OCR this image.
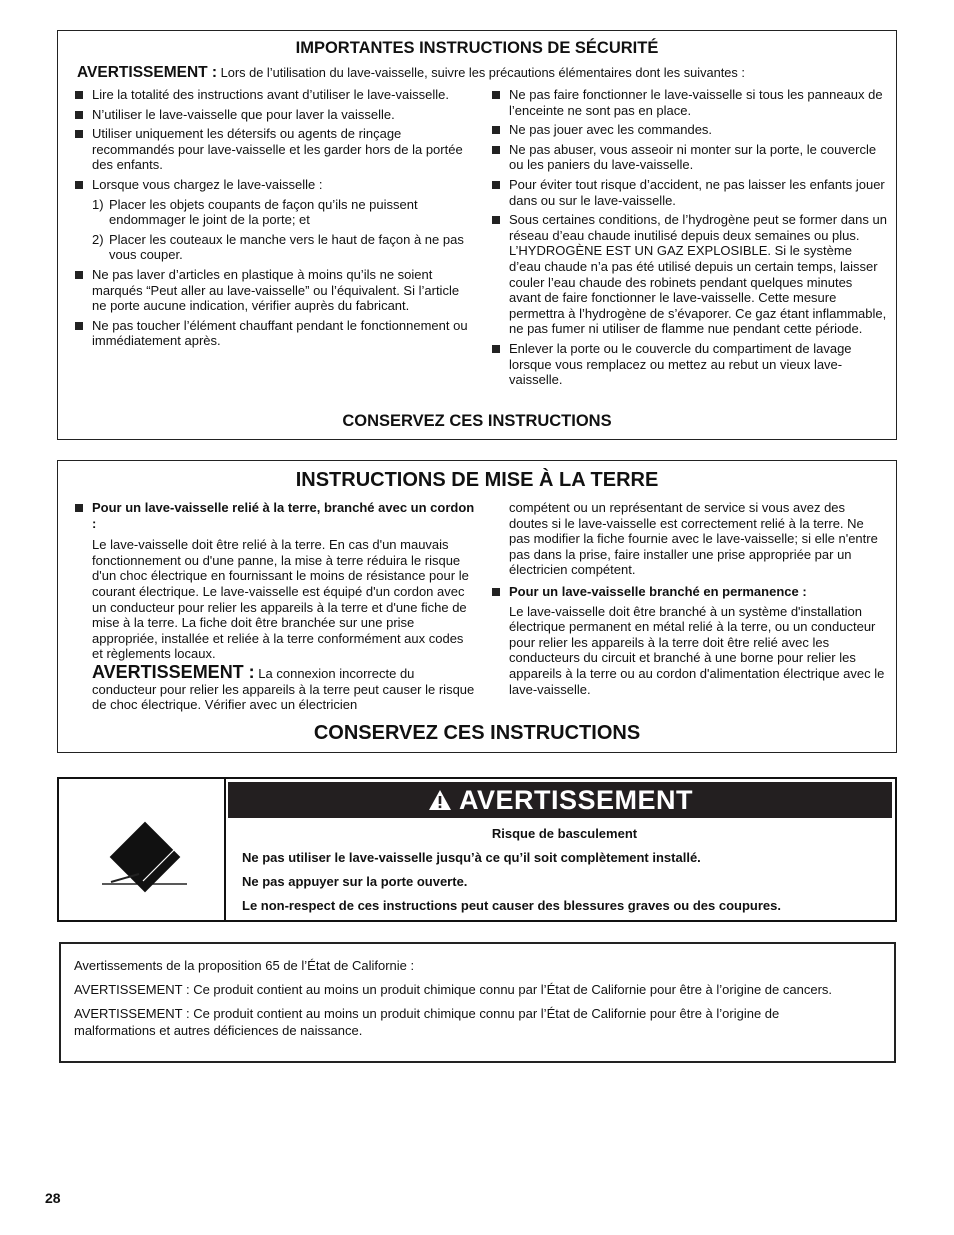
IMPORTANTES INSTRUCTIONS DE SÉCURITÉ
AVERTISSEMENT : Lors de l’utilisation du lave-vaisselle, suivre les précautions élémentaires dont les suivantes :
Lire la totalité des instructions avant d’utiliser le lave-vaisselle.
N’utiliser le lave-vaisselle que pour laver la vaisselle.
Utiliser uniquement les détersifs ou agents de rinçage recommandés pour lave-vaisselle et les garder hors de la portée des enfants.
Lorsque vous chargez le lave-vaisselle :
1) Placer les objets coupants de façon qu’ils ne puissent endommager le joint de la porte; et
2) Placer les couteaux le manche vers le haut de façon à ne pas vous couper.
Ne pas laver d’articles en plastique à moins qu’ils ne soient marqués “Peut aller au lave-vaisselle” ou l’équivalent. Si l’article ne porte aucune indication, vérifier auprès du fabricant.
Ne pas toucher l’élément chauffant pendant le fonctionnement ou immédiatement après.
Ne pas faire fonctionner le lave-vaisselle si tous les panneaux de l’enceinte ne sont pas en place.
Ne pas jouer avec les commandes.
Ne pas abuser, vous asseoir ni monter sur la porte, le couvercle ou les paniers du lave-vaisselle.
Pour éviter tout risque d’accident, ne pas laisser les enfants jouer dans ou sur le lave-vaisselle.
Sous certaines conditions, de l’hydrogène peut se former dans un réseau d’eau chaude inutilisé depuis deux semaines ou plus. L’HYDROGÈNE EST UN GAZ EXPLOSIBLE. Si le système d’eau chaude n’a pas été utilisé depuis un certain temps, laisser couler l’eau chaude des robinets pendant quelques minutes avant de faire fonctionner le lave-vaisselle. Cette mesure permettra à l’hydrogène de s’évaporer. Ce gaz étant inflammable, ne pas fumer ni utiliser de flamme nue pendant cette période.
Enlever la porte ou le couvercle du compartiment de lavage lorsque vous remplacez ou mettez au rebut un vieux lave-vaisselle.
CONSERVEZ CES INSTRUCTIONS
INSTRUCTIONS DE MISE À LA TERRE

Pour un lave-vaisselle relié à la terre, branché avec un cordon :

Le lave-vaisselle doit être relié à la terre. En cas d'un mauvais fonctionnement ou d'une panne, la mise à terre réduira le risque d'un choc électrique en fournissant le moins de résistance pour le courant électrique. Le lave-vaisselle est équipé d'un cordon avec un conducteur pour relier les appareils à la terre et d'une fiche de mise à la terre. La fiche doit être branchée sur une prise appropriée, installée et reliée à la terre conformément aux codes et règlements locaux.

AVERTISSEMENT : La connexion incorrecte du conducteur pour relier les appareils à la terre peut causer le risque de choc électrique. Vérifier avec un électricien

compétent ou un représentant de service si vous avez des doutes si le lave-vaisselle est correctement relié à la terre. Ne pas modifier la fiche fournie avec le lave-vaisselle; si elle n'entre pas dans la prise, faire installer une prise appropriée par un électricien compétent.

Pour un lave-vaisselle branché en permanence :

Le lave-vaisselle doit être branché à un système d'installation électrique permanent en métal relié à la terre, ou un conducteur pour relier les appareils à la terre doit être relié avec les conducteurs du circuit et branché à une borne pour relier les appareils à la terre ou au cordon d'alimentation électrique avec le lave-vaisselle.

CONSERVEZ CES INSTRUCTIONS
AVERTISSEMENT
Risque de basculement
Ne pas utiliser le lave-vaisselle jusqu’à ce qu’il soit complètement installé.
Ne pas appuyer sur la porte ouverte.
Le non-respect de ces instructions peut causer des blessures graves ou des coupures.

Avertissements de la proposition 65 de l’État de Californie :

AVERTISSEMENT : Ce produit contient au moins un produit chimique connu par l’État de Californie pour être à l’origine de cancers.

AVERTISSEMENT : Ce produit contient au moins un produit chimique connu par l’État de Californie pour être à l’origine de malformations et autres déficiences de naissance.

28
